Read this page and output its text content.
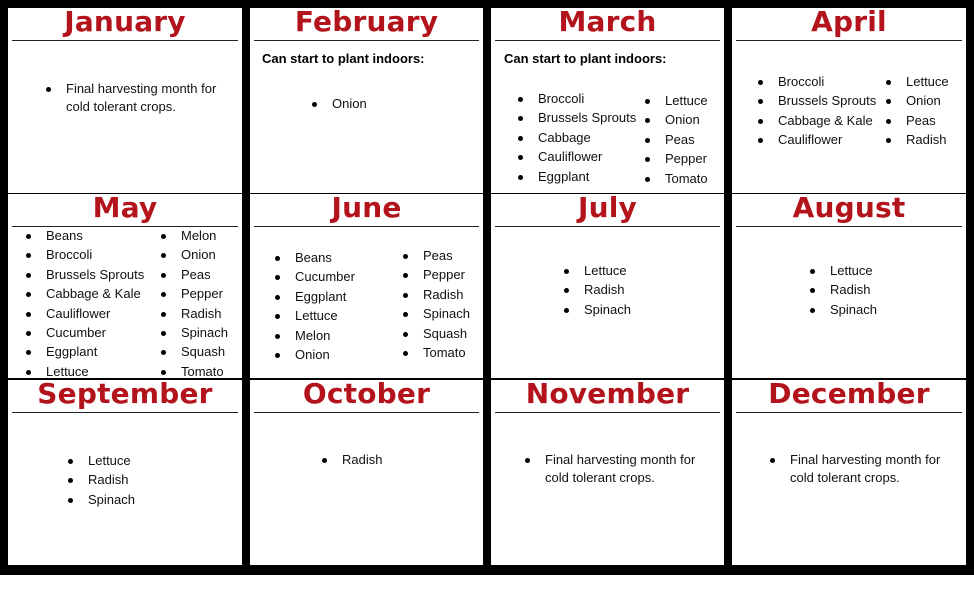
January
Final harvesting month for cold tolerant crops.
February
Can start to plant indoors:
Onion
March
Can start to plant indoors:
Broccoli
Brussels Sprouts
Cabbage
Cauliflower
Eggplant
Lettuce
Onion
Peas
Pepper
Tomato
April
Broccoli
Brussels Sprouts
Cabbage & Kale
Cauliflower
Lettuce
Onion
Peas
Radish
May
Beans
Broccoli
Brussels Sprouts
Cabbage & Kale
Cauliflower
Cucumber
Eggplant
Lettuce
Melon
Onion
Peas
Pepper
Radish
Spinach
Squash
Tomato
June
Beans
Cucumber
Eggplant
Lettuce
Melon
Onion
Peas
Pepper
Radish
Spinach
Squash
Tomato
July
Lettuce
Radish
Spinach
August
Lettuce
Radish
Spinach
September
Lettuce
Radish
Spinach
October
Radish
November
Final harvesting month for cold tolerant crops.
December
Final harvesting month for cold tolerant crops.
